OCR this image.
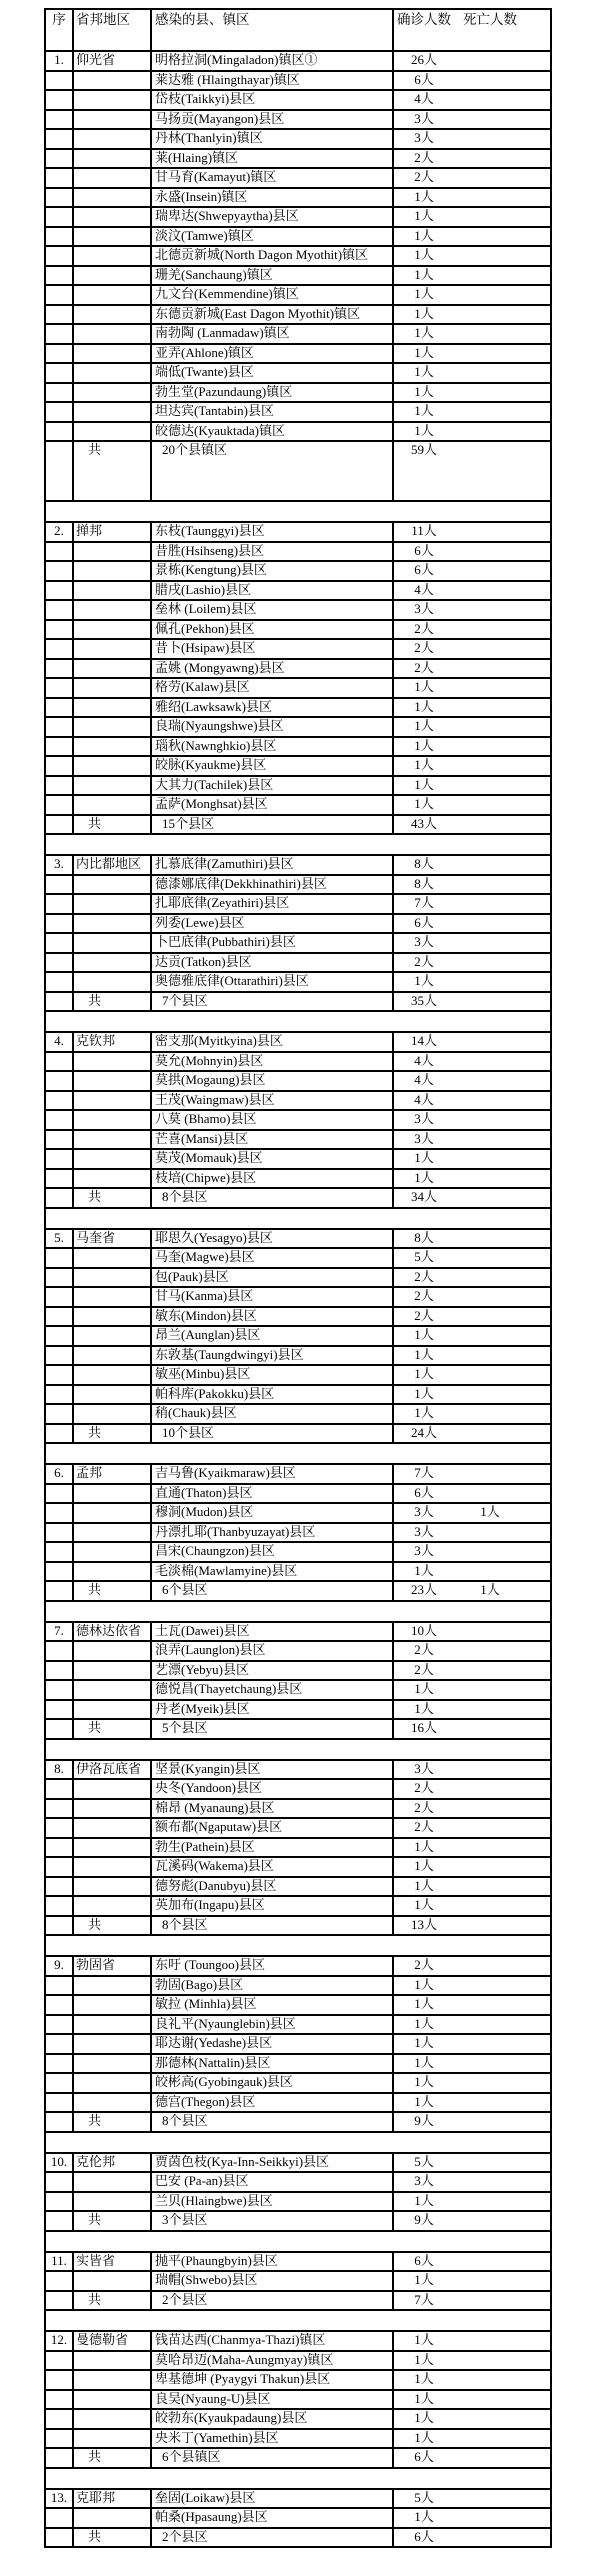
序	省邦地区	感染的县、镇区	确诊人数 死亡人数
1.	仰光省	明格拉洞(Mingaladon)镇区①	26人
		莱达雅 (Hlaingthayar)镇区	6人
		岱枝(Taikkyi)县区	4人
		马扬贡(Mayangon)县区	3人
		丹林(Thanlyin)镇区	3人
		莱(Hlaing)镇区	2人
		甘马育(Kamayut)镇区	2人
		永盛(Insein)镇区	1人
		瑞卑达(Shwepyaytha)县区	1人
		淡汶(Tamwe)镇区	1人
		北德贡新城(North Dagon Myothit)镇区	1人
		珊羌(Sanchaung)镇区	1人
		九文台(Kemmendine)镇区	1人
		东德贡新城(East Dagon Myothit)镇区	1人
		南勃陶 (Lanmadaw)镇区	1人
		亚弄(Ahlone)镇区	1人
		端低(Twante)县区	1人
		勃生堂(Pazundaung)镇区	1人
		坦达宾(Tantabin)县区	1人
		皎德达(Kyauktada)镇区	1人
	共	20个县镇区	59人

2.	掸邦	东枝(Taunggyi)县区	11人
		昔胜(Hsihseng)县区	6人
		景栋(Kengtung)县区	6人
		腊戌(Lashio)县区	4人
		垒林 (Loilem)县区	3人
		佩孔(Pekhon)县区	2人
		昔卜(Hsipaw)县区	2人
		孟姚 (Mongyawng)县区	2人
		格劳(Kalaw)县区	1人
		雅绍(Lawksawk)县区	1人
		良瑞(Nyaungshwe)县区	1人
		瑙秋(Nawnghkio)县区	1人
		皎脉(Kyaukme)县区	1人
		大其力(Tachilek)县区	1人
		孟萨(Monghsat)县区	1人
	共	15个县区	43人

3.	内比都地区	扎慕底律(Zamuthiri)县区	8人
		德漆娜底律(Dekkhinathiri)县区	8人
		扎耶底律(Zeyathiri)县区	7人
		列委(Lewe)县区	6人
		卜巴底律(Pubbathiri)县区	3人
		达贡(Tatkon)县区	2人
		奥德雅底律(Ottarathiri)县区	1人
	共	7个县区	35人

4.	克钦邦	密支那(Myitkyina)县区	14人
		莫允(Mohnyin)县区	4人
		莫拱(Mogaung)县区	4人
		王茂(Waingmaw)县区	4人
		八莫 (Bhamo)县区	3人
		芒喜(Mansi)县区	3人
		莫茂(Momauk)县区	1人
		枝培(Chipwe)县区	1人
	共	8个县区	34人

5.	马奎省	耶思久(Yesagyo)县区	8人
		马奎(Magwe)县区	5人
		包(Pauk)县区	2人
		甘马(Kanma)县区	2人
		敏东(Mindon)县区	2人
		昂兰(Aunglan)县区	1人
		东敦基(Taungdwingyi)县区	1人
		敏巫(Minbu)县区	1人
		帕科库(Pakokku)县区	1人
		稍(Chauk)县区	1人
	共	10个县区	24人

6.	孟邦	吉马鲁(Kyaikmaraw)县区	7人
		直通(Thaton)县区	6人
		穆洞(Mudon)县区	3人 1人
		丹漂扎耶(Thanbyuzayat)县区	3人
		昌宋(Chaungzon)县区	3人
		毛淡棉(Mawlamyine)县区	1人
	共	6个县区	23人 1人

7.	德林达依省	土瓦(Dawei)县区	10人
		浪弄(Launglon)县区	2人
		艺漂(Yebyu)县区	2人
		德悦昌(Thayetchaung)县区	1人
		丹老(Myeik)县区	1人
	共	5个县区	16人

8.	伊洛瓦底省	坚景(Kyangin)县区	3人
		央冬(Yandoon)县区	2人
		棉昂 (Myanaung)县区	2人
		额布都(Ngaputaw)县区	2人
		勃生(Pathein)县区	1人
		瓦溪码(Wakema)县区	1人
		德努彪(Danubyu)县区	1人
		英加布(Ingapu)县区	1人
	共	8个县区	13人

9.	勃固省	东吁 (Toungoo)县区	2人
		勃固(Bago)县区	1人
		敏拉 (Minhla)县区	1人
		良礼平(Nyaunglebin)县区	1人
		耶达谢(Yedashe)县区	1人
		那德林(Nattalin)县区	1人
		皎彬高(Gyobingauk)县区	1人
		德宫(Thegon)县区	1人
	共	8个县区	9人

10.	克伦邦	贾茵色枝(Kya-Inn-Seikkyi)县区	5人
		巴安 (Pa-an)县区	3人
		兰贝(Hlaingbwe)县区	1人
	共	3个县区	9人

11.	实皆省	抛平(Phaungbyin)县区	6人
		瑞帽(Shwebo)县区	1人
	共	2个县区	7人

12.	曼德勒省	钱苗达西(Chanmya-Thazi)镇区	1人
		莫哈昂迈(Maha-Aungmyay)镇区	1人
		卑基德坤 (Pyaygyi Thakun)县区	1人
		良吴(Nyaung-U)县区	1人
		皎勃东(Kyaukpadaung)县区	1人
		央米丁(Yamethin)县区	1人
	共	6个县镇区	6人

13.	克耶邦	垒固(Loikaw)县区	5人
		帕桑(Hpasaung)县区	1人
	共	2个县区	6人
